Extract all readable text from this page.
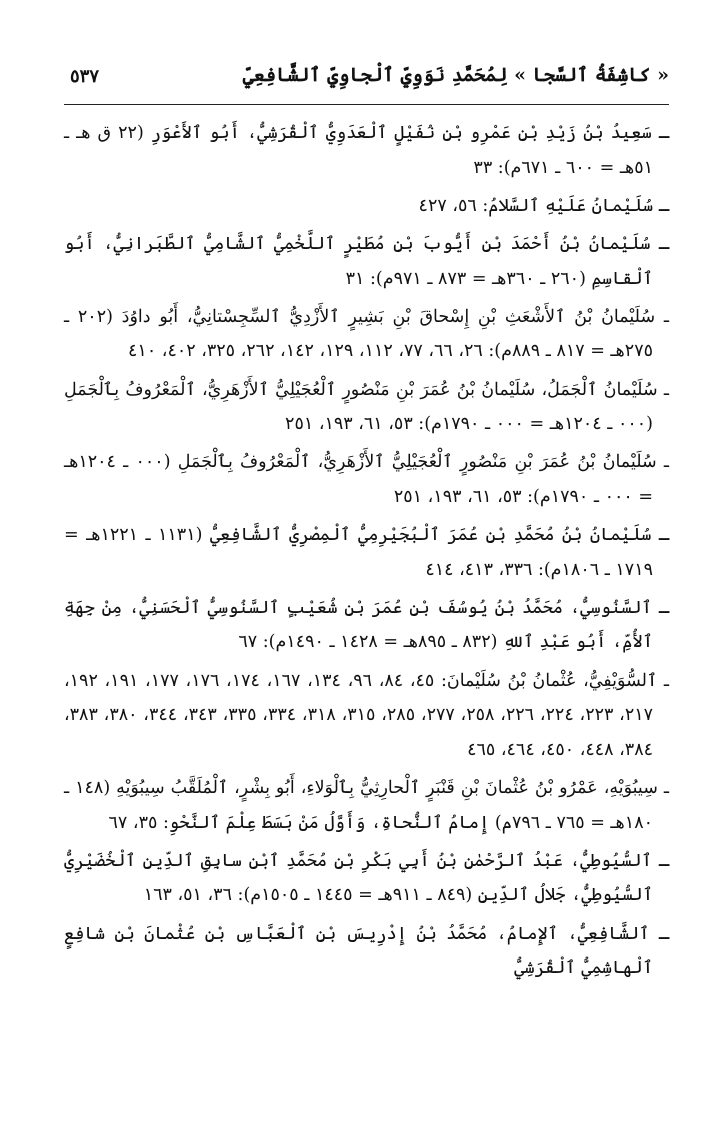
« كاشِفَةُ ٱلسَّجا » لِمُحَمَّدِ نَوَوِيِّ ٱلْجاوِيِّ ٱلشَّافِعِيِّ
٥٣٧

ـ سَعِيدُ بْنُ زَيْدِ بْنِ عَمْرِو بْنِ نُفَيْلٍ ٱلْعَدَوِيُّ ٱلْقُرَشِيُّ، أَبُو ٱلأَعْوَرِ (٢٢ ق هـ ـ ٥١هـ = ٦٠٠ ـ ٦٧١م): ٣٣

ـ سُلَيْمانُ عَلَيْهِ ٱلسَّلامُ: ٥٦، ٤٢٧

ـ سُلَيْمانُ بْنُ أَحْمَدَ بْنِ أَيُّوبَ بْنِ مُطَيْرٍ ٱللَّخْمِيُّ ٱلشَّامِيُّ ٱلطَّبَرانِيُّ، أَبُو ٱلْقاسِمِ (٢٦٠ ـ ٣٦٠هـ = ٨٧٣ ـ ٩٧١م): ٣١

ـ سُلَيْمانُ بْنُ ٱلأَشْعَثِ بْنِ إِسْحاقَ بْنِ بَشِيرٍ ٱلأَزْدِيُّ ٱلسِّجِسْتانِيُّ، أَبُو داوُدَ (٢٠٢ ـ ٢٧٥هـ = ٨١٧ ـ ٨٨٩م): ٢٦، ٦٦، ٧٧، ١١٢، ١٢٩، ١٤٢، ٢٦٢، ٣٢٥، ٤٠٢، ٤١٠

ـ سُلَيْمانُ ٱلْجَمَلُ، سُلَيْمانُ بْنُ عُمَرَ بْنِ مَنْصُورٍ ٱلْعُجَيْلِيُّ ٱلأَزْهَرِيُّ، ٱلْمَعْرُوفُ بِٱلْجَمَلِ (٠٠٠ ـ ١٢٠٤هـ = ٠٠٠ ـ ١٧٩٠م): ٥٣، ٦١، ١٩٣، ٢٥١

ـ سُلَيْمانُ بْنُ عُمَرَ بْنِ مَنْصُورٍ ٱلْعُجَيْلِيُّ ٱلأَزْهَرِيُّ، ٱلْمَعْرُوفُ بِٱلْجَمَلِ (٠٠٠ ـ ١٢٠٤هـ = ٠٠٠ ـ ١٧٩٠م): ٥٣، ٦١، ١٩٣، ٢٥١

ـ سُلَيْمانُ بْنُ مُحَمَّدِ بْنِ عُمَرَ ٱلْبُجَيْرِمِيُّ ٱلْمِصْرِيُّ ٱلشَّافِعِيُّ (١١٣١ ـ ١٢٢١هـ = ١٧١٩ ـ ١٨٠٦م): ٣٣٦، ٤١٣، ٤١٤

ـ ٱلسَّنُوسِيُّ، مُحَمَّدُ بْنُ يُوسُفَ بْنِ عُمَرَ بْنِ شُعَيْبٍ ٱلسَّنُوسِيُّ ٱلْحَسَنِيُّ، مِنْ جِهَةِ ٱلأُمِّ، أَبُو عَبْدِ ٱللهِ (٨٣٢ ـ ٨٩٥هـ = ١٤٢٨ ـ ١٤٩٠م): ٦٧

ـ ٱلسُّوَيْفِيُّ، عُثْمانُ بْنُ سُلَيْمانَ: ٤٥، ٨٤، ٩٦، ١٣٤، ١٦٧، ١٧٤، ١٧٦، ١٧٧، ١٩١، ١٩٢، ٢١٧، ٢٢٣، ٢٢٤، ٢٢٦، ٢٥٨، ٢٧٧، ٢٨٥، ٣١٥، ٣١٨، ٣٣٤، ٣٣٥، ٣٤٣، ٣٤٤، ٣٨٠، ٣٨٣، ٣٨٤، ٤٤٨، ٤٥٠، ٤٦٤، ٤٦٥

ـ سِيبُوَيْهِ، عَمْرُو بْنُ عُثْمانَ بْنِ قَنْبَرٍ ٱلْحارِثِيُّ بِٱلْوَلاءِ، أَبُو بِشْرٍ، ٱلْمُلَقَّبُ سِيبُوَيْهِ (١٤٨ ـ ١٨٠هـ = ٧٦٥ ـ ٧٩٦م) إِمامُ ٱلنُّحاةِ، وَأَوَّلُ مَنْ بَسَطَ عِلْمَ ٱلنَّحْوِ: ٣٥، ٦٧

ـ ٱلسُّيُوطِيُّ، عَبْدُ ٱلرَّحْمٰنِ بْنُ أَبِي بَكْرِ بْنِ مُحَمَّدِ ٱبْنِ سابِقِ ٱلدِّينِ ٱلْخُضَيْرِيُّ ٱلسُّيُوطِيُّ، جَلالُ ٱلدِّينِ (٨٤٩ ـ ٩١١هـ = ١٤٤٥ ـ ١٥٠٥م): ٣٦، ٥١، ١٦٣

ـ ٱلشَّافِعِيُّ، ٱلإِمامُ، مُحَمَّدُ بْنُ إِدْرِيسَ بْنِ ٱلْعَبَّاسِ بْنِ عُثْمانَ بْنِ شافِعٍ ٱلْهاشِمِيُّ ٱلْقُرَشِيُّ
